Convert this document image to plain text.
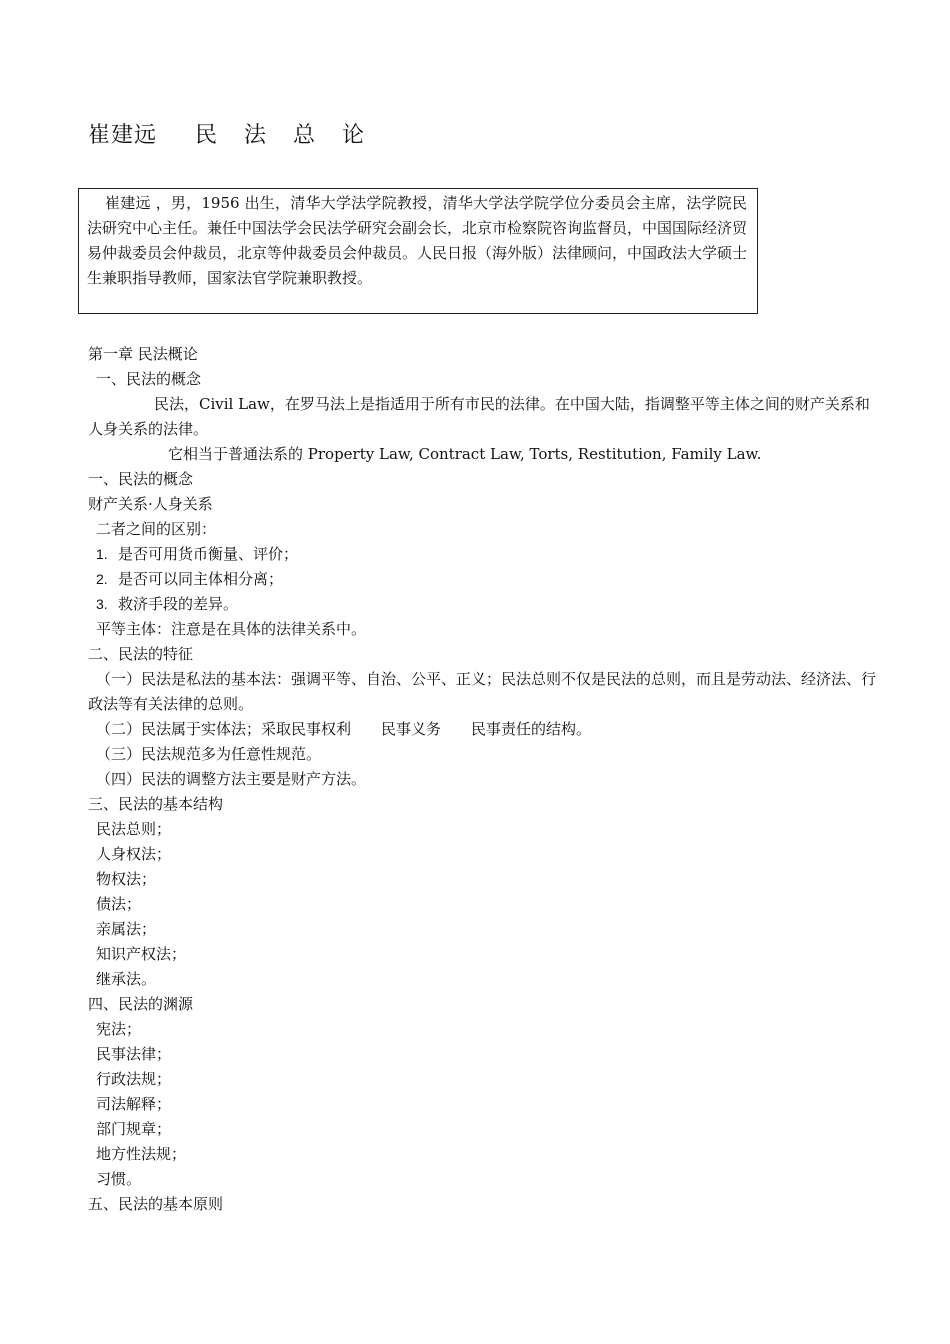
崔建远 民 法 总 论
崔建远 ，男，1956 出生，清华大学法学院教授，清华大学法学院学位分委员会主席，法学院民法研究中心主任。兼任中国法学会民法学研究会副会长，北京市检察院咨询监督员，中国国际经济贸易仲裁委员会仲裁员，北京等仲裁委员会仲裁员。人民日报（海外版）法律顾问，中国政法大学硕士生兼职指导教师，国家法官学院兼职教授。
第一章 民法概论
一、民法的概念
民法，Civil Law，在罗马法上是指适用于所有市民的法律。在中国大陆，指调整平等主体之间的财产关系和人身关系的法律。
它相当于普通法系的 Property Law, Contract Law, Torts, Restitution, Family Law.
一、民法的概念
财产关系·人身关系
二者之间的区别：
1. 是否可用货币衡量、评价；
2. 是否可以同主体相分离；
3. 救济手段的差异。
平等主体：注意是在具体的法律关系中。
二、民法的特征
（一）民法是私法的基本法：强调平等、自治、公平、正义；民法总则不仅是民法的总则，而且是劳动法、经济法、行政法等有关法律的总则。
（二）民法属于实体法；采取民事权利 民事义务 民事责任的结构。
（三）民法规范多为任意性规范。
（四）民法的调整方法主要是财产方法。
三、民法的基本结构
民法总则；
人身权法；
物权法；
债法；
亲属法；
知识产权法；
继承法。
四、民法的渊源
宪法；
民事法律；
行政法规；
司法解释；
部门规章；
地方性法规；
习惯。
五、民法的基本原则
